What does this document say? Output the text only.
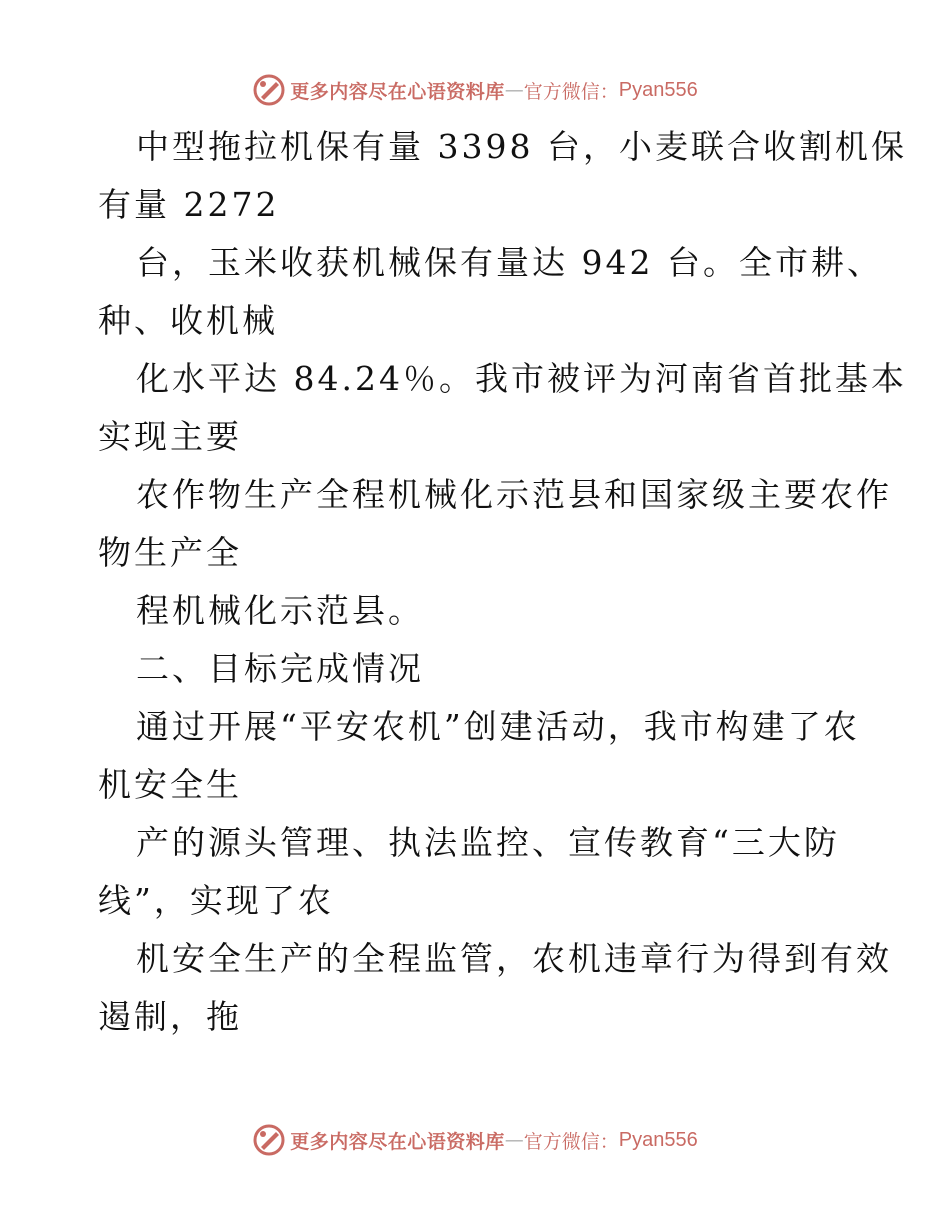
更多内容尽在心语资料库 — 官方微信： Pyan556
中型拖拉机保有量 3398 台，小麦联合收割机保
有量 2272
台，玉米收获机械保有量达 942 台。全市耕、
种、收机械
化水平达 84.24％。我市被评为河南省首批基本
实现主要
农作物生产全程机械化示范县和国家级主要农作
物生产全
程机械化示范县。
二、目标完成情况
通过开展“平安农机”创建活动，我市构建了农
机安全生
产的源头管理、执法监控、宣传教育“三大防
线”，实现了农
机安全生产的全程监管，农机违章行为得到有效
遏制，拖
更多内容尽在心语资料库 — 官方微信： Pyan556
